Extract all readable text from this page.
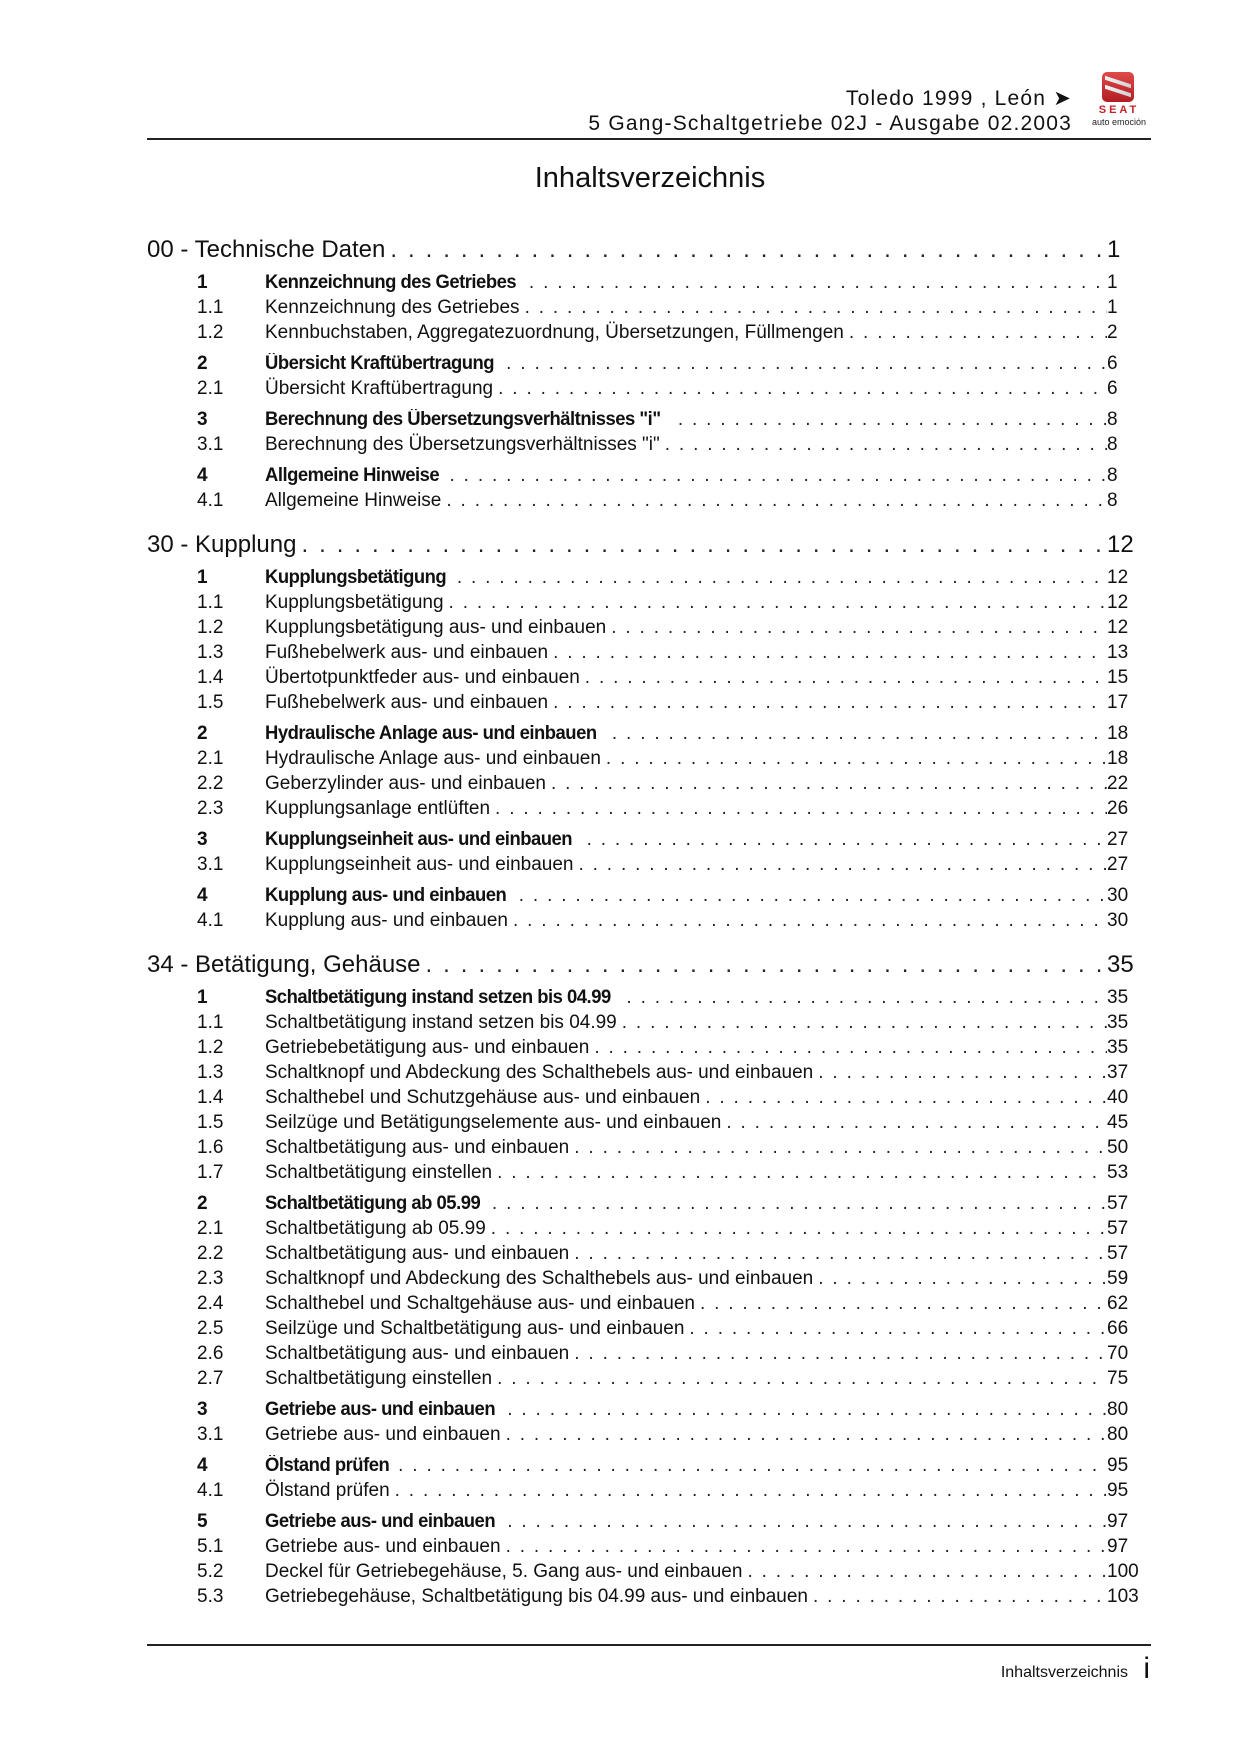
Toledo 1999 , León ➤
5 Gang-Schaltgetriebe 02J - Ausgabe 02.2003
SEAT
auto emoción
Inhaltsverzeichnis
00 - Technische Daten . . .	1
1	Kennzeichnung des Getriebes . . .	1
1.1	Kennzeichnung des Getriebes . . .	1
1.2	Kennbuchstaben, Aggregatezuordnung, Übersetzungen, Füllmengen . . .	2
2	Übersicht Kraftübertragung . . .	6
2.1	Übersicht Kraftübertragung . . .	6
3	Berechnung des Übersetzungsverhältnisses "i" . . .	8
3.1	Berechnung des Übersetzungsverhältnisses "i" . . .	8
4	Allgemeine Hinweise . . .	8
4.1	Allgemeine Hinweise . . .	8
30 - Kupplung . . .	12
1	Kupplungsbetätigung . . .	12
1.1	Kupplungsbetätigung . . .	12
1.2	Kupplungsbetätigung aus- und einbauen . . .	12
1.3	Fußhebelwerk aus- und einbauen . . .	13
1.4	Übertotpunktfeder aus- und einbauen . . .	15
1.5	Fußhebelwerk aus- und einbauen . . .	17
2	Hydraulische Anlage aus- und einbauen . . .	18
2.1	Hydraulische Anlage aus- und einbauen . . .	18
2.2	Geberzylinder aus- und einbauen . . .	22
2.3	Kupplungsanlage entlüften . . .	26
3	Kupplungseinheit aus- und einbauen . . .	27
3.1	Kupplungseinheit aus- und einbauen . . .	27
4	Kupplung aus- und einbauen . . .	30
4.1	Kupplung aus- und einbauen . . .	30
34 - Betätigung, Gehäuse . . .	35
1	Schaltbetätigung instand setzen bis 04.99 . . .	35
1.1	Schaltbetätigung instand setzen bis 04.99 . . .	35
1.2	Getriebebetätigung aus- und einbauen . . .	35
1.3	Schaltknopf und Abdeckung des Schalthebels aus- und einbauen . . .	37
1.4	Schalthebel und Schutzgehäuse aus- und einbauen . . .	40
1.5	Seilzüge und Betätigungselemente aus- und einbauen . . .	45
1.6	Schaltbetätigung aus- und einbauen . . .	50
1.7	Schaltbetätigung einstellen . . .	53
2	Schaltbetätigung ab 05.99 . . .	57
2.1	Schaltbetätigung ab 05.99 . . .	57
2.2	Schaltbetätigung aus- und einbauen . . .	57
2.3	Schaltknopf und Abdeckung des Schalthebels aus- und einbauen . . .	59
2.4	Schalthebel und Schaltgehäuse aus- und einbauen . . .	62
2.5	Seilzüge und Schaltbetätigung aus- und einbauen . . .	66
2.6	Schaltbetätigung aus- und einbauen . . .	70
2.7	Schaltbetätigung einstellen . . .	75
3	Getriebe aus- und einbauen . . .	80
3.1	Getriebe aus- und einbauen . . .	80
4	Ölstand prüfen . . .	95
4.1	Ölstand prüfen . . .	95
5	Getriebe aus- und einbauen . . .	97
5.1	Getriebe aus- und einbauen . . .	97
5.2	Deckel für Getriebegehäuse, 5. Gang aus- und einbauen . . .	100
5.3	Getriebegehäuse, Schaltbetätigung bis 04.99 aus- und einbauen . . .	103
Inhaltsverzeichnis i
